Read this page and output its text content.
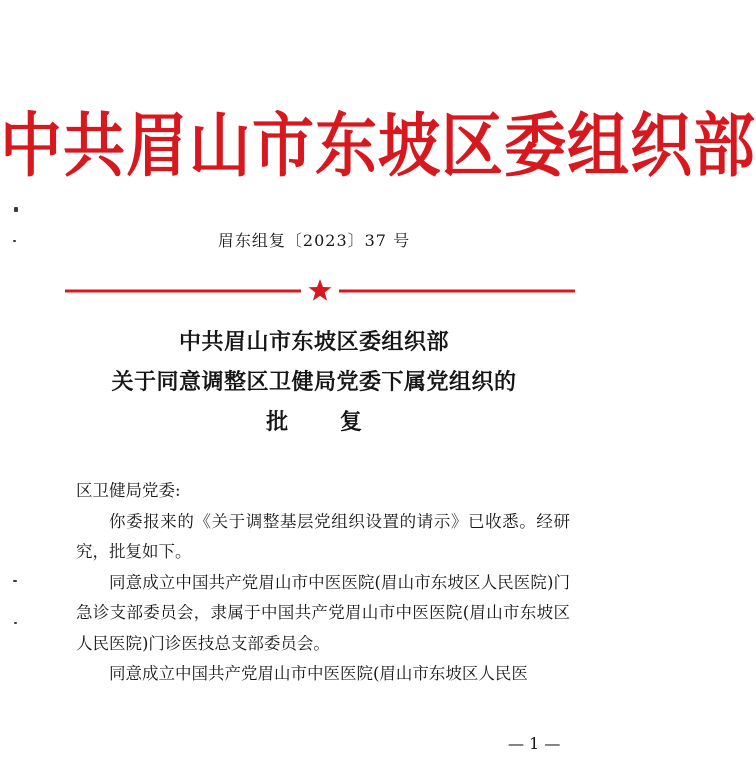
中共眉山市东坡区委组织部
眉东组复〔2023〕37 号
中共眉山市东坡区委组织部
关于同意调整区卫健局党委下属党组织的
批 复

区卫健局党委:

你委报来的《关于调整基层党组织设置的请示》已收悉。经研究，批复如下。

同意成立中国共产党眉山市中医医院(眉山市东坡区人民医院)门急诊支部委员会，隶属于中国共产党眉山市中医医院(眉山市东坡区人民医院)门诊医技总支部委员会。

同意成立中国共产党眉山市中医医院(眉山市东坡区人民医

— 1 —
